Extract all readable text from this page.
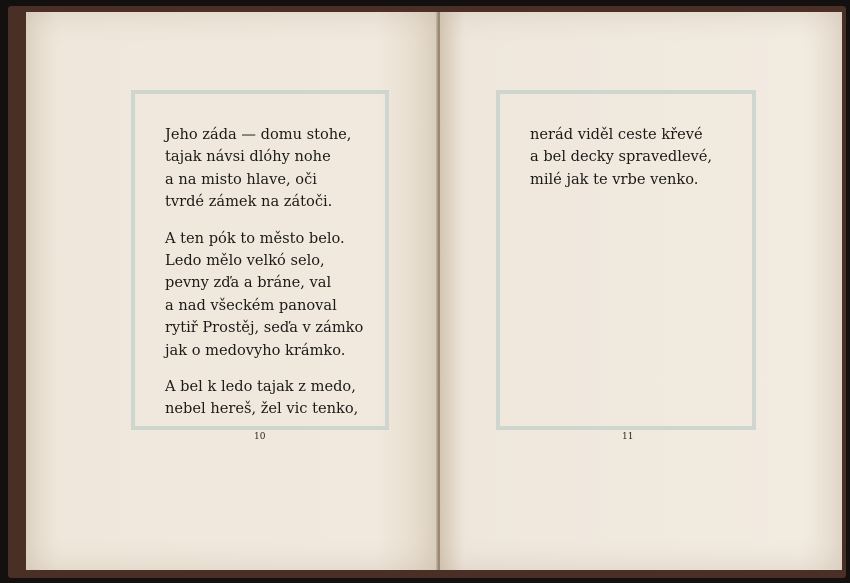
Jeho záda — domu stohe,
tajak návsi dlóhy nohe
a na misto hlave, oči
tvrdé zámek na zátoči.
A ten pók to město belo.
Ledo mělo velkó selo,
pevny zďa a bráne, val
a nad všeckém panoval
rytiř Prostěj, seďa v zámko
jak o medovyho krámko.
A bel k ledo tajak z medo,
nebel hereš, žel vic tenko,
10
nerád viděl ceste křevé
a bel decky spravedlevé,
milé jak te vrbe venko.
11
